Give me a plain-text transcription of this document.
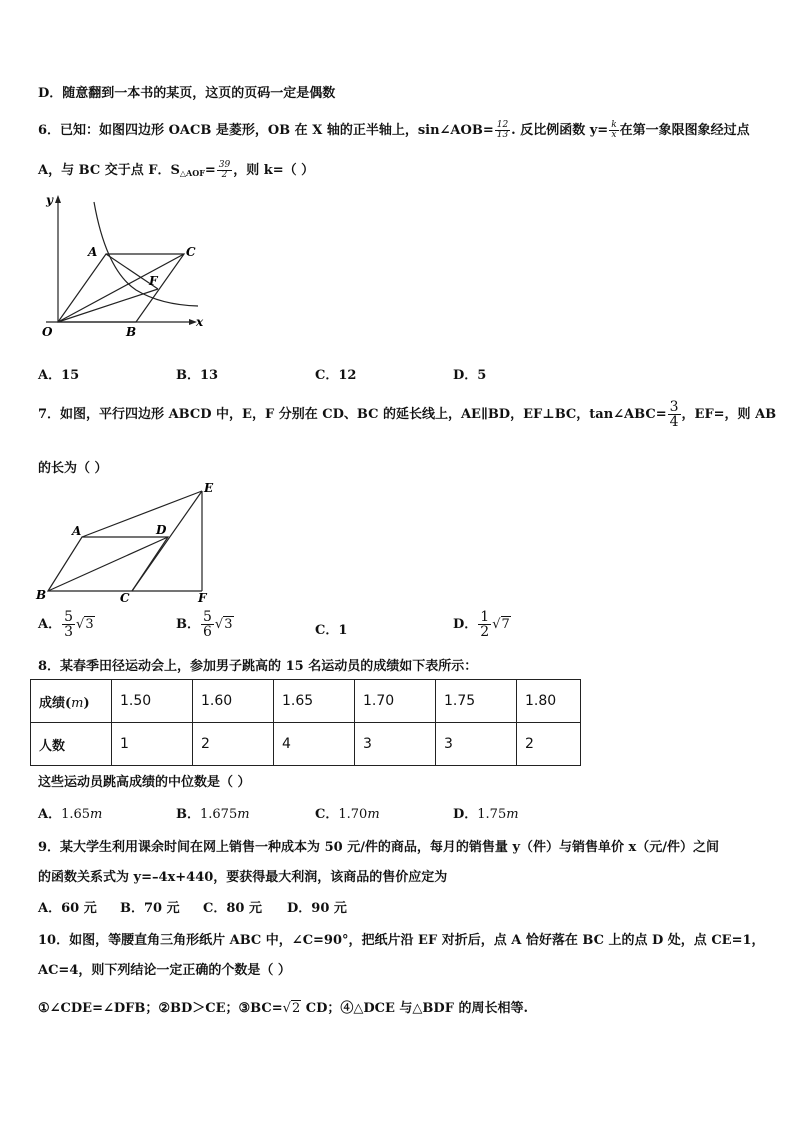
D．随意翻到一本书的某页，这页的页码一定是偶数
6．已知：如图四边形 OACB 是菱形，OB 在 X 轴的正半轴上，sin∠AOB= $\frac{12}{13}$ . 反比例函数 $y= \frac{k}{x}$ 在第一象限图象经过点
A，与 BC 交于点 F．$S_{\triangle AOF}= \frac{39}{2}$ ，则 k=（ ）
y
x
O
A	C
F
B
A．15	B．13	C．12	D．5
7．如图，平行四边形 ABCD 中，E，F 分别在 CD、BC 的延长线上，AE∥BD，EF⊥BC，tan∠ABC= $\frac{3}{4}$ ，EF=，则 AB
的长为（ ）
A	D
E
B	C	F
A． $\frac{5}{3} √3$	B． $\frac{5}{6} √3$	C．1	D． $\frac{1}{2} √7$
8．某春季田径运动会上，参加男子跳高的 15 名运动员的成绩如下表所示：
成绩(m)	1.50	1.60	1.65	1.70	1.75	1.80
人数	1	2	4	3	3	2
这些运动员跳高成绩的中位数是（ ）
A．1.65m	B．1.675m	C．1.70m	D．1.75m
9．某大学生利用课余时间在网上销售一种成本为 50 元/件的商品，每月的销售量 y（件）与销售单价 x（元/件）之间
的函数关系式为 y=–4x+440，要获得最大利润，该商品的售价应定为
A．60 元 B．70 元 C．80 元 D．90 元
10．如图，等腰直角三角形纸片 ABC 中，∠C=90°，把纸片沿 EF 对折后，点 A 恰好落在 BC 上的点 D 处，点 CE=1，
AC=4，则下列结论一定正确的个数是（ ）
①∠CDE=∠DFB；②BD＞CE；③BC=√2 CD；④△DCE 与△BDF 的周长相等.
